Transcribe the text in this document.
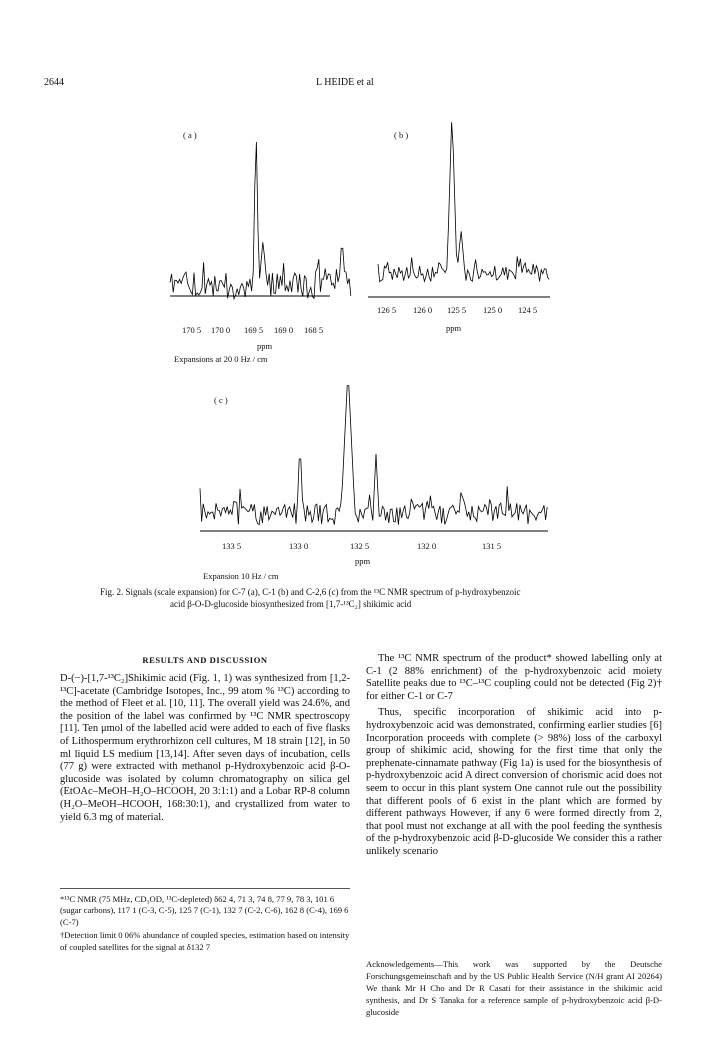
2644	L HEIDE et al
( a )	( b )
( c )
170 5 170 0 169 5 169 0 168 5
ppm
Expansions at 20 0 Hz / cm
126 5 126 0 125 5 125 0 124 5
ppm
133 5	133 0	132 5	132 0	131 5
ppm
Expansion 10 Hz / cm
Fig. 2. Signals (scale expansion) for C-7 (a), C-1 (b) and C-2,6 (c) from the ¹³C NMR spectrum of p-hydroxybenzoic
acid β-O-D-glucoside biosynthesized from [1,7-¹³C₂] shikimic acid
RESULTS AND DISCUSSION

D-(−)-[1,7-¹³C₂]Shikimic acid (Fig. 1, 1) was synthesized from [1,2-¹³C]-acetate (Cambridge Isotopes, Inc., 99 atom % ¹³C) according to the method of Fleet et al. [10, 11]. The overall yield was 24.6%, and the position of the label was confirmed by ¹³C NMR spectroscopy [11]. Ten μmol of the labelled acid were added to each of five flasks of Lithospermum erythrorhizon cell cultures, M 18 strain [12], in 50 ml liquid LS medium [13,14]. After seven days of incubation, cells (77 g) were extracted with methanol p-Hydroxybenzoic acid β-O-glucoside was isolated by column chromatography on silica gel (EtOAc–MeOH–H₂O–HCOOH, 20 3:1:1) and a Lobar RP-8 column (H₂O–MeOH–HCOOH, 168:30:1), and crystallized from water to yield 6.3 mg of material.

*¹³C NMR (75 MHz, CD₃OD, ¹³C-depleted) δ62 4, 71 3, 74 8, 77 9, 78 3, 101 6 (sugar carbons), 117 1 (C-3, C-5), 125 7 (C-1), 132 7 (C-2, C-6), 162 8 (C-4), 169 6 (C-7)

†Detection limit 0 06% abundance of coupled species, estimation based on intensity of coupled satellites for the signal at δ132 7

The ¹³C NMR spectrum of the product* showed labelling only at C-1 (2 88% enrichment) of the p-hydroxybenzoic acid moiety Satellite peaks due to ¹³C–¹³C coupling could not be detected (Fig 2)† for either C-1 or C-7

Thus, specific incorporation of shikimic acid into p-hydroxybenzoic acid was demonstrated, confirming earlier studies [6] Incorporation proceeds with complete (> 98%) loss of the carboxyl group of shikimic acid, showing for the first time that only the prephenate-cinnamate pathway (Fig 1a) is used for the biosynthesis of p-hydroxybenzoic acid A direct conversion of chorismic acid does not seem to occur in this plant system One cannot rule out the possibility that different pools of 6 exist in the plant which are formed by different pathways However, if any 6 were formed directly from 2, that pool must not exchange at all with the pool feeding the synthesis of the p-hydroxybenzoic acid β-D-glucoside We consider this a rather unlikely scenario

Acknowledgements—This work was supported by the Deutsche Forschungsgemeinschaft and by the US Public Health Service (N/H grant AI 20264) We thank Mr H Cho and Dr R Casati for their assistance in the shikimic acid synthesis, and Dr S Tanaka for a reference sample of p-hydroxybenzoic acid β-D-glucoside
